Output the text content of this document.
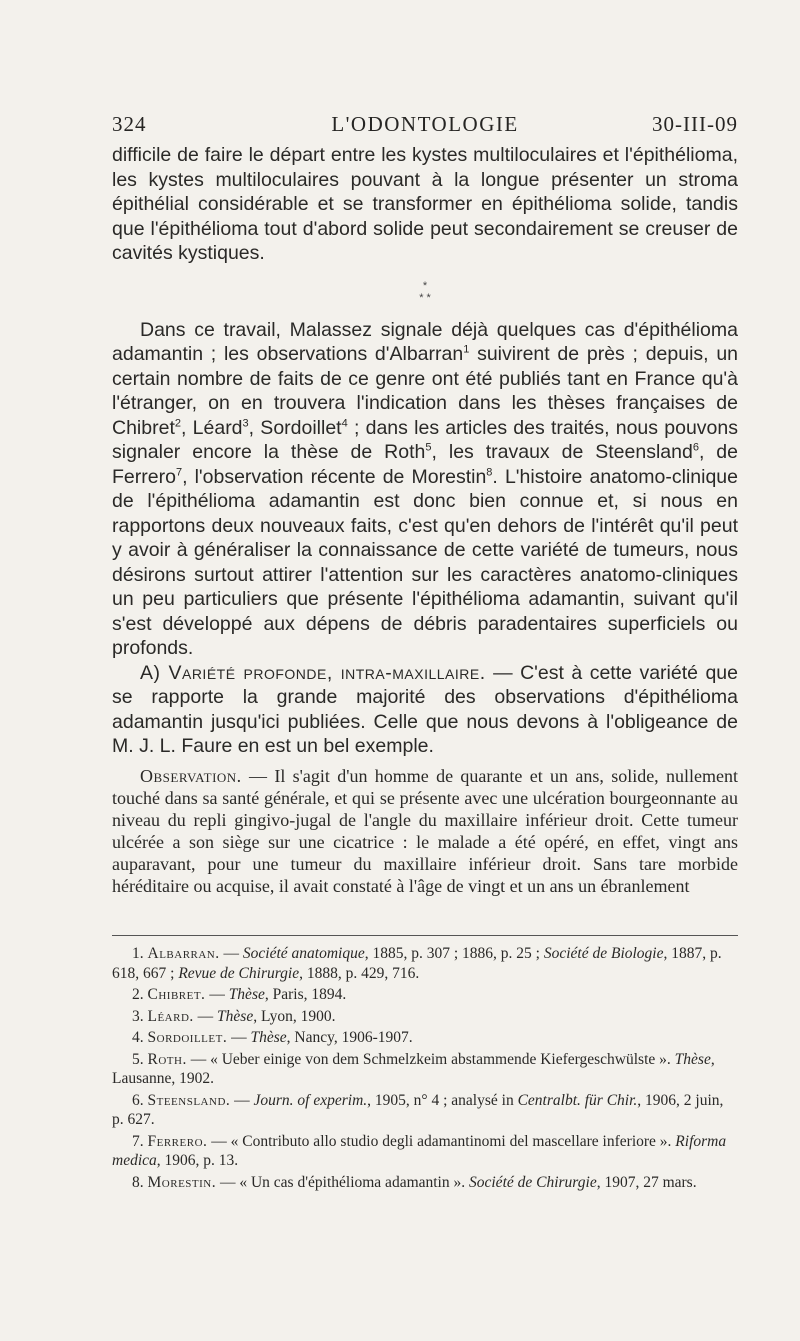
324	L'ODONTOLOGIE	30-III-09

difficile de faire le départ entre les kystes multiloculaires et l'épithélioma, les kystes multiloculaires pouvant à la longue présenter un stroma épithélial considérable et se transformer en épithélioma solide, tandis que l'épithélioma tout d'abord solide peut secondairement se creuser de cavités kystiques.

*
* *

Dans ce travail, Malassez signale déjà quelques cas d'épithélioma adamantin ; les observations d'Albarran$^1$ suivirent de près ; depuis, un certain nombre de faits de ce genre ont été publiés tant en France qu'à l'étranger, on en trouvera l'indication dans les thèses françaises de Chibret$^2$, Léard$^3$, Sordoillet$^4$ ; dans les articles des traités, nous pouvons signaler encore la thèse de Roth$^5$, les travaux de Steensland$^6$, de Ferrero$^7$, l'observation récente de Morestin$^8$. L'histoire anatomo-clinique de l'épithélioma adamantin est donc bien connue et, si nous en rapportons deux nouveaux faits, c'est qu'en dehors de l'intérêt qu'il peut y avoir à généraliser la connaissance de cette variété de tumeurs, nous désirons surtout attirer l'attention sur les caractères anatomo-cliniques un peu particuliers que présente l'épithélioma adamantin, suivant qu'il s'est développé aux dépens de débris paradentaires superficiels ou profonds.

A) Variété profonde, intra-maxillaire. — C'est à cette variété que se rapporte la grande majorité des observations d'épithélioma adamantin jusqu'ici publiées. Celle que nous devons à l'obligeance de M. J. L. Faure en est un bel exemple.

Observation. — Il s'agit d'un homme de quarante et un ans, solide, nullement touché dans sa santé générale, et qui se présente avec une ulcération bourgeonnante au niveau du repli gingivo-jugal de l'angle du maxillaire inférieur droit. Cette tumeur ulcérée a son siège sur une cicatrice : le malade a été opéré, en effet, vingt ans auparavant, pour une tumeur du maxillaire inférieur droit. Sans tare morbide héréditaire ou acquise, il avait constaté à l'âge de vingt et un ans un ébranlement

1. Albarran. — Société anatomique, 1885, p. 307 ; 1886, p. 25 ; Société de Biologie, 1887, p. 618, 667 ; Revue de Chirurgie, 1888, p. 429, 716.

2. Chibret. — Thèse, Paris, 1894.

3. Léard. — Thèse, Lyon, 1900.

4. Sordoillet. — Thèse, Nancy, 1906-1907.

5. Roth. — « Ueber einige von dem Schmelzkeim abstammende Kiefergeschwülste ». Thèse, Lausanne, 1902.

6. Steensland. — Journ. of experim., 1905, n° 4 ; analysé in Centralbt. für Chir., 1906, 2 juin, p. 627.

7. Ferrero. — « Contributo allo studio degli adamantinomi del mascellare inferiore ». Riforma medica, 1906, p. 13.

8. Morestin. — « Un cas d'épithélioma adamantin ». Société de Chirurgie, 1907, 27 mars.
